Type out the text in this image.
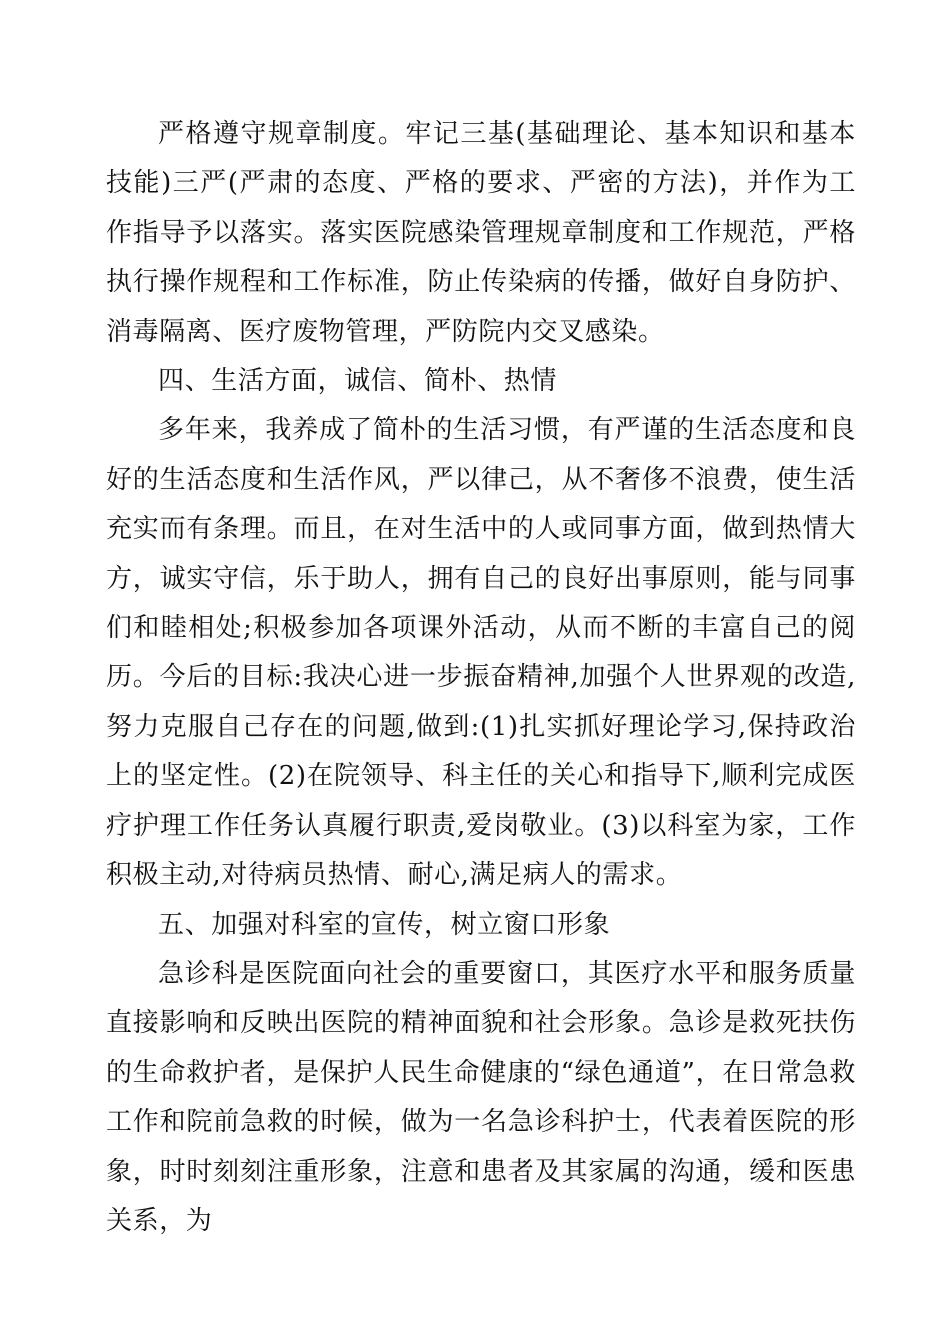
严格遵守规章制度。牢记三基(基础理论、基本知识和基本技能)三严(严肃的态度、严格的要求、严密的方法)，并作为工作指导予以落实。落实医院感染管理规章制度和工作规范，严格执行操作规程和工作标准，防止传染病的传播，做好自身防护、消毒隔离、医疗废物管理，严防院内交叉感染。

四、生活方面，诚信、简朴、热情

多年来，我养成了简朴的生活习惯，有严谨的生活态度和良好的生活态度和生活作风，严以律己，从不奢侈不浪费，使生活充实而有条理。而且，在对生活中的人或同事方面，做到热情大方，诚实守信，乐于助人，拥有自己的良好出事原则，能与同事们和睦相处;积极参加各项课外活动，从而不断的丰富自己的阅历。今后的目标:我决心进一步振奋精神,加强个人世界观的改造,努力克服自己存在的问题,做到:(1)扎实抓好理论学习,保持政治上的坚定性。(2)在院领导、科主任的关心和指导下,顺利完成医疗护理工作任务认真履行职责,爱岗敬业。(3)以科室为家，工作积极主动,对待病员热情、耐心,满足病人的需求。

五、加强对科室的宣传，树立窗口形象

急诊科是医院面向社会的重要窗口，其医疗水平和服务质量直接影响和反映出医院的精神面貌和社会形象。急诊是救死扶伤的生命救护者，是保护人民生命健康的“绿色通道”，在日常急救工作和院前急救的时候，做为一名急诊科护士，代表着医院的形象，时时刻刻注重形象，注意和患者及其家属的沟通，缓和医患关系，为
